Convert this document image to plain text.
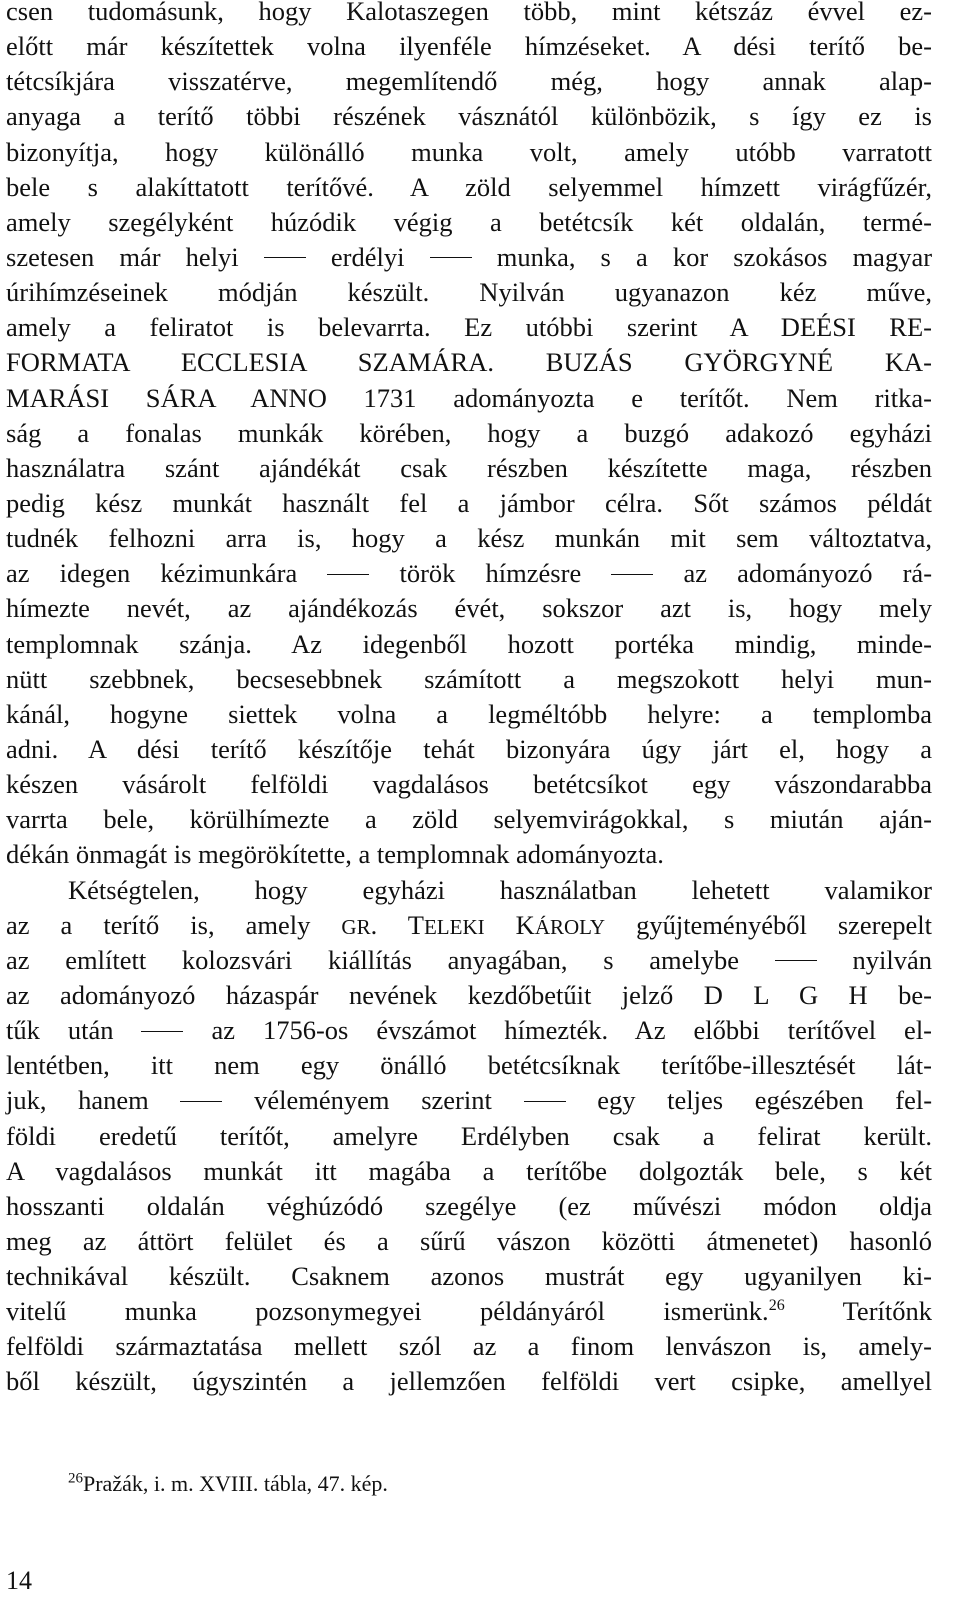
csen tudomásunk, hogy Kalotaszegen több, mint kétszáz évvel ez-
előtt már készítettek volna ilyenféle hímzéseket. A dési terítő be-
tétcsíkjára visszatérve, megemlítendő még, hogy annak alap-
anyaga a terítő többi részének vásznától különbözik, s így ez is
bizonyítja, hogy különálló munka volt, amely utóbb varratott
bele s alakíttatott terítővé. A zöld selyemmel hímzett virágfűzér,
amely szegélyként húzódik végig a betétcsík két oldalán, termé-
szetesen már helyi	erdélyi	munka, s a kor szokásos magyar
úrihímzéseinek módján készült. Nyilván ugyanazon kéz műve,
amely a feliratot is belevarrta. Ez utóbbi szerint A DEÉSI RE-
FORMATA ECCLESIA SZAMÁRA. BUZÁS GYÖRGYNÉ KA-
MARÁSI SÁRA ANNO 1731 adományozta e terítőt. Nem ritka-
ság a fonalas munkák körében, hogy a buzgó adakozó egyházi
használatra szánt ajándékát csak részben készítette maga, részben
pedig kész munkát használt fel a jámbor célra. Sőt számos példát
tudnék felhozni arra is, hogy a kész munkán mit sem változtatva,
az idegen kézimunkára	török hímzésre	az adományozó rá-
hímezte nevét, az ajándékozás évét, sokszor azt is, hogy mely
templomnak szánja. Az idegenből hozott portéka mindig, minde-
nütt szebbnek, becsesebbnek számított a megszokott helyi mun-
kánál, hogyne siettek volna a legméltóbb helyre: a templomba
adni. A dési terítő készítője tehát bizonyára úgy járt el, hogy a
készen vásárolt felföldi vagdalásos betétcsíkot egy vászondarabba
varrta bele, körülhímezte a zöld selyemvirágokkal, s miután aján-
dékán önmagát is megörökítette, a templomnak adományozta.
Kétségtelen, hogy egyházi használatban lehetett valamikor
az a terítő is, amely GR. TELEKI KÁROLY gyűjteményéből szerepelt
az említett kolozsvári kiállítás anyagában, s amelybe	nyilván
az adományozó házaspár nevének kezdőbetűit jelző D L G H be-
tűk után	az 1756-os évszámot hímezték. Az előbbi terítővel el-
lentétben, itt nem egy önálló betétcsíknak terítőbe-illesztését lát-
juk, hanem	véleményem szerint	egy teljes egészében fel-
földi eredetű terítőt, amelyre Erdélyben csak a felirat került.
A vagdalásos munkát itt magába a terítőbe dolgozták bele, s két
hosszanti oldalán véghúzódó szegélye (ez művészi módon oldja
meg az áttört felület és a sűrű vászon közötti átmenetet) hasonló
technikával készült. Csaknem azonos mustrát egy ugyanilyen ki-
vitelű munka pozsonymegyei példányáról ismerünk.$^{26}$ Terítőnk
felföldi származtatása mellett szól az a finom lenvászon is, amely-
ből készült, úgyszintén a jellemzően felföldi vert csipke, amellyel
$^{26}$Pražák, i. m. XVIII. tábla, 47. kép.
14
